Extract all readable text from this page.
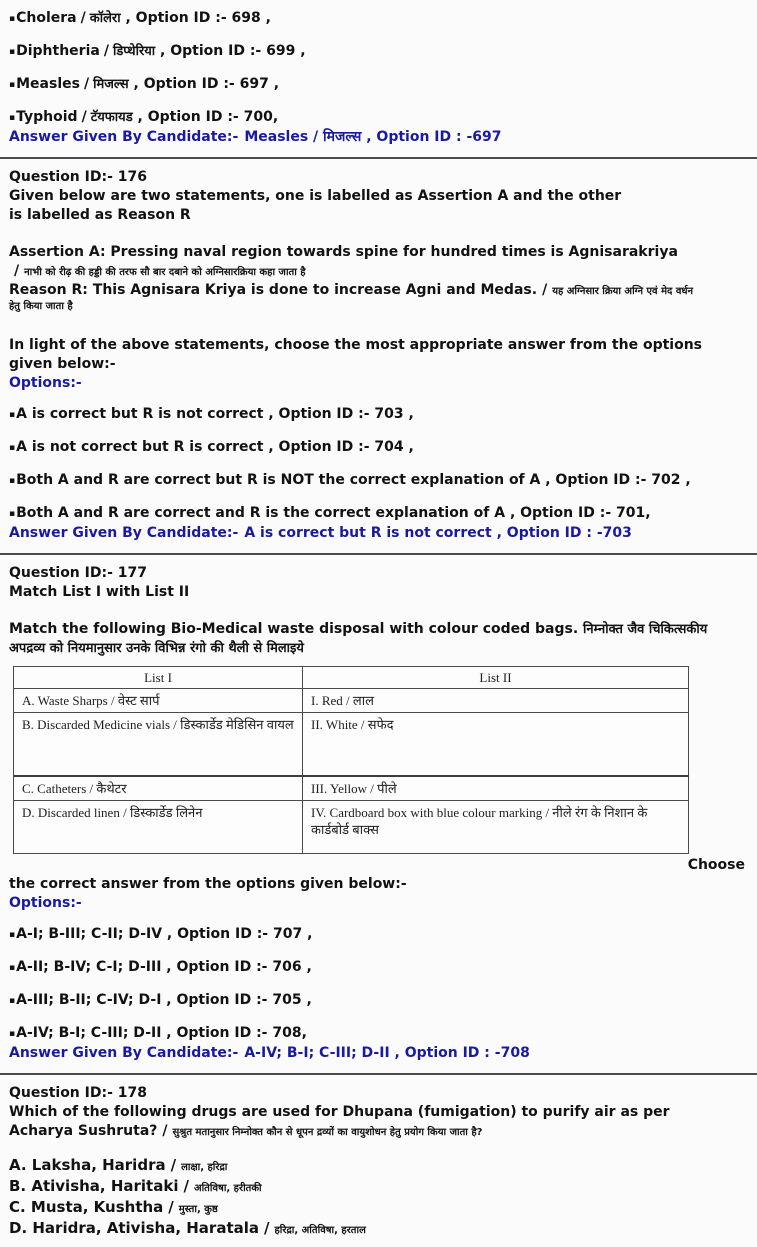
▪Cholera / कॉलेरा , Option ID :- 698 ,
▪Diphtheria / डिप्थेरिया , Option ID :- 699 ,
▪Measles / मिजल्स , Option ID :- 697 ,
▪Typhoid / टॅयफायड , Option ID :- 700,
Answer Given By Candidate:- Measles / मिजल्स , Option ID : -697
Question ID:- 176
Given below are two statements, one is labelled as Assertion A and the other
is labelled as Reason R
Assertion A: Pressing naval region towards spine for hundred times is Agnisarakriya
/ नाभी को रीढ़ की हड्डी की तरफ सौ बार दबाने को अग्निसारक्रिया कहा जाता है
Reason R: This Agnisara Kriya is done to increase Agni and Medas. / यह अग्निसार क्रिया अग्नि एवं मेद वर्धन
हेतु किया जाता है
In light of the above statements, choose the most appropriate answer from the options given below:-
Options:-
▪A is correct but R is not correct , Option ID :- 703 ,
▪A is not correct but R is correct , Option ID :- 704 ,
▪Both A and R are correct but R is NOT the correct explanation of A , Option ID :- 702 ,
▪Both A and R are correct and R is the correct explanation of A , Option ID :- 701,
Answer Given By Candidate:- A is correct but R is not correct , Option ID : -703
Question ID:- 177
Match List I with List II
Match the following Bio-Medical waste disposal with colour coded bags. निम्नोक्त जैव चिकित्सकीय अपद्रव्य को नियमानुसार उनके विभिन्न रंगो की थैली से मिलाइये
List I	List II
A. Waste Sharps / वेस्ट सार्प	I. Red / लाल
B. Discarded Medicine vials / डिस्कार्डेड मेडिसिन वायल	II. White / सफेद
C. Catheters / कैथेटर	III. Yellow / पीले
D. Discarded linen / डिस्कार्डेड लिनेन	IV. Cardboard box with blue colour marking / नीले रंग के निशान के कार्डबोर्ड बाक्स
Choose
the correct answer from the options given below:-
Options:-
▪A-I; B-III; C-II; D-IV , Option ID :- 707 ,
▪A-II; B-IV; C-I; D-III , Option ID :- 706 ,
▪A-III; B-II; C-IV; D-I , Option ID :- 705 ,
▪A-IV; B-I; C-III; D-II , Option ID :- 708,
Answer Given By Candidate:- A-IV; B-I; C-III; D-II , Option ID : -708
Question ID:- 178
Which of the following drugs are used for Dhupana (fumigation) to purify air as per
Acharya Sushruta? / सुश्रुत मतानुसार निम्नोक्त कौन से धूपन द्रव्यों का वायुशोधन हेतु प्रयोग किया जाता है?
A. Laksha, Haridra / लाक्षा, हरिद्रा
B. Ativisha, Haritaki / अतिविषा, हरीतकी
C. Musta, Kushtha / मुस्ता, कुष्ठ
D. Haridra, Ativisha, Haratala / हरिद्रा, अतिविषा, हरताल
